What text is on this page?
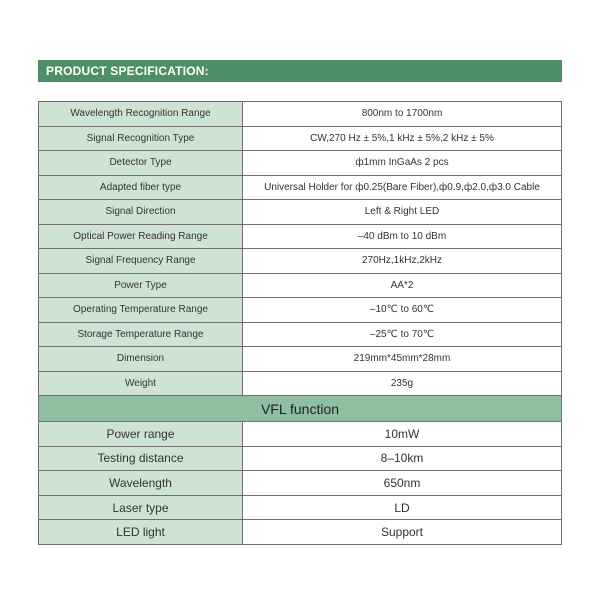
PRODUCT SPECIFICATION:
Wavelength Recognition Range	800nm to 1700nm
Signal Recognition Type	CW,270 Hz ± 5%,1 kHz ± 5%,2 kHz ± 5%
Detector Type	ф1mm InGaAs 2 pcs
Adapted fiber type	Universal Holder for ф0.25(Bare Fiber),ф0.9,ф2.0,ф3.0 Cable
Signal Direction	Left & Right LED
Optical Power Reading Range	–40 dBm to 10 dBm
Signal Frequency Range	270Hz,1kHz,2kHz
Power Type	AA*2
Operating Temperature Range	–10℃ to 60℃
Storage Temperature Range	–25℃ to 70℃
Dimension	219mm*45mm*28mm
Weight	235g
VFL function	
Power range	10mW
Testing distance	8–10km
Wavelength	650nm
Laser type	LD
LED light	Support
